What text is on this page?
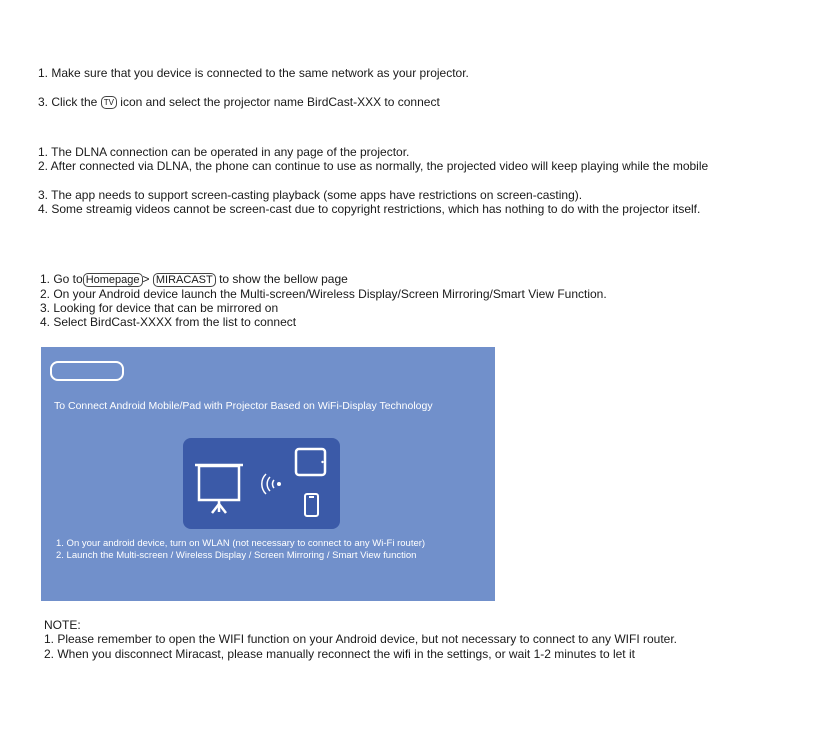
1. Make sure that you device is connected to the same network as your projector.
3. Click the TV icon and select the projector name BirdCast-XXX to connect
1. The DLNA connection can be operated in any page of the projector.
2. After connected via DLNA, the phone can continue to use as normally, the projected video will keep playing while the mobile
3. The app needs to support screen-casting playback (some apps have restrictions on screen-casting).
4. Some streamig videos cannot be screen-cast due to copyright restrictions, which has nothing to do with the projector itself.
1. Go to Homepage > MIRACAST to show the bellow page
2. On your Android device launch the Multi-screen/Wireless Display/Screen Mirroring/Smart View Function.
3. Looking for device that can be mirrored on
4. Select BirdCast-XXXX from the list to connect
To Connect Android Mobile/Pad with Projector Based on WiFi-Display Technology
1. On your android device, turn on WLAN (not necessary to connect to any Wi-Fi router)
2. Launch the Multi-screen / Wireless Display / Screen Mirroring / Smart View function
NOTE:
1. Please remember to open the WIFI function on your Android device, but not necessary to connect to any WIFI router.
2. When you disconnect Miracast, please manually reconnect the wifi in the settings, or wait 1-2 minutes to let it
